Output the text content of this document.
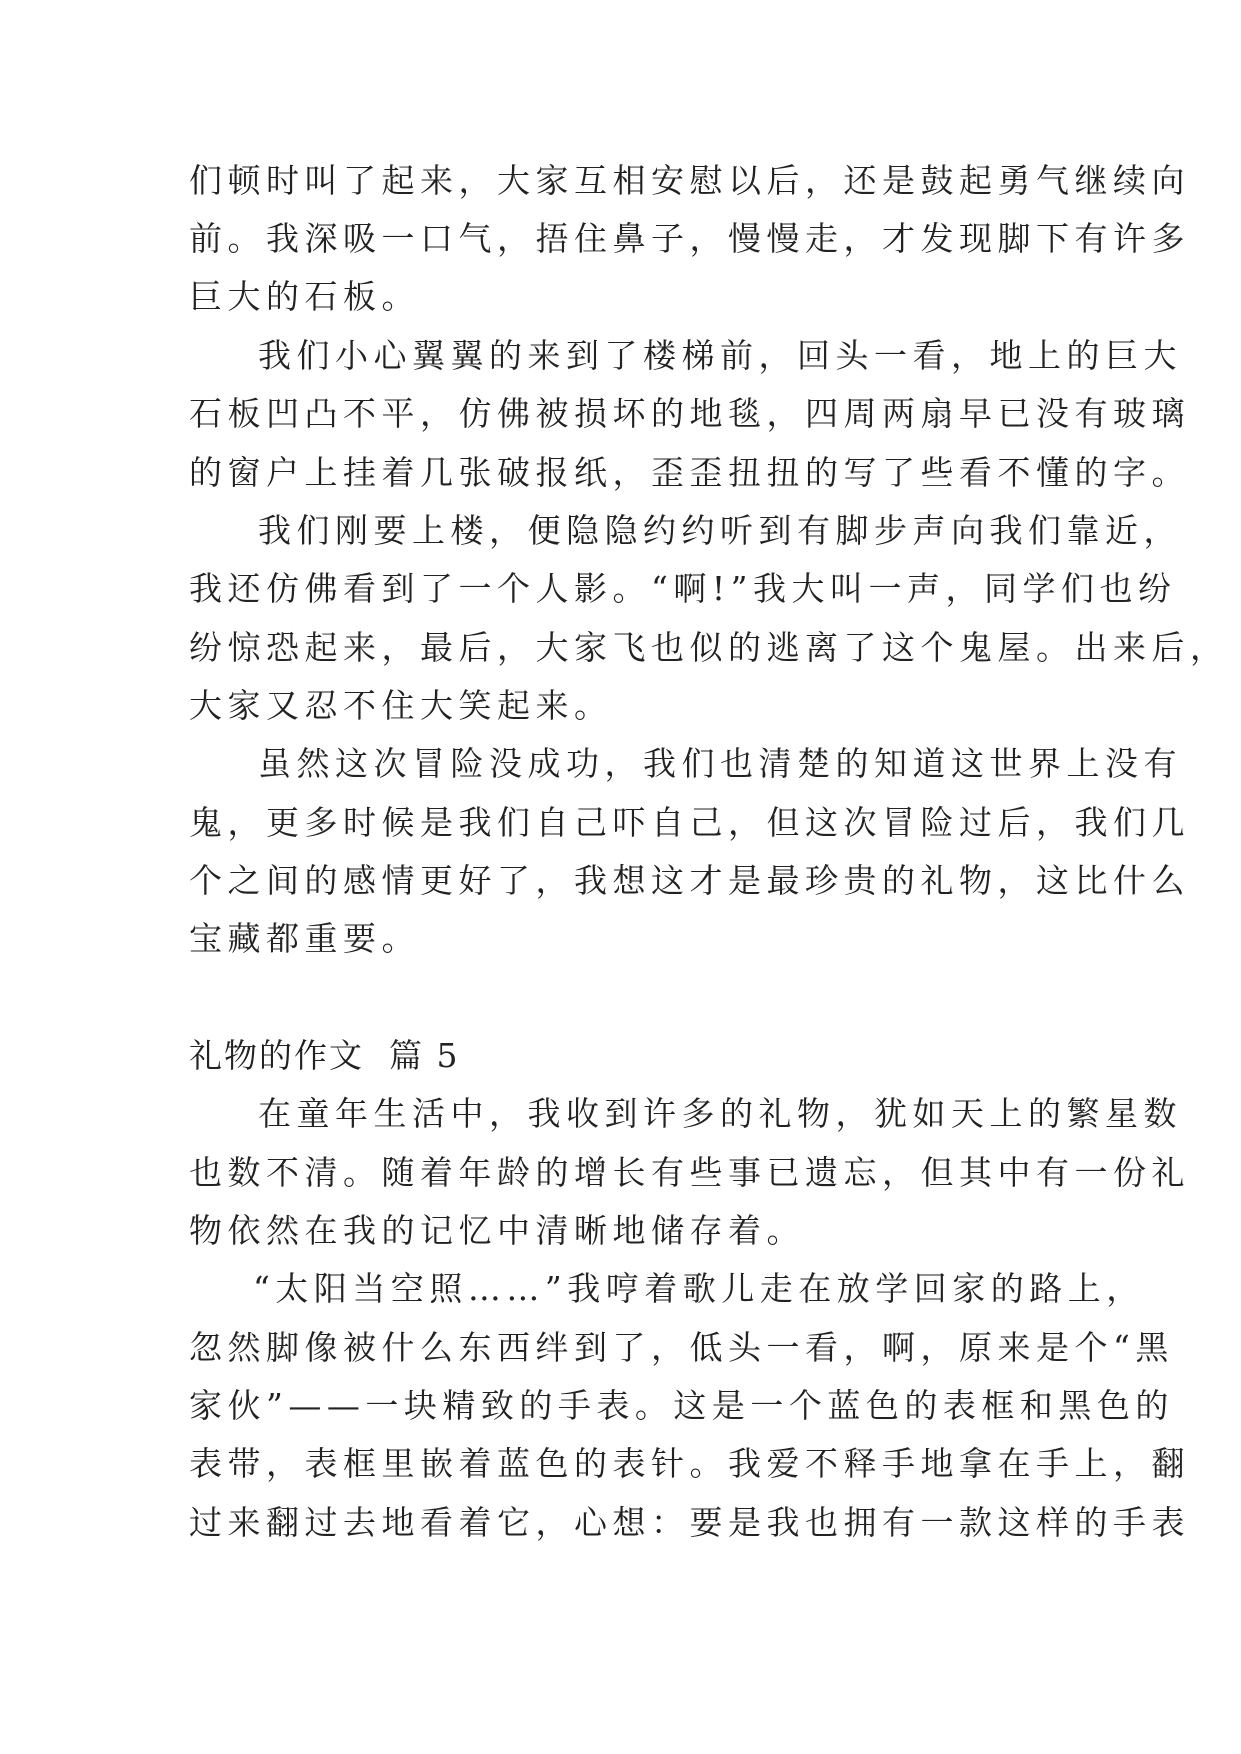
们顿时叫了起来，大家互相安慰以后，还是鼓起勇气继续向
前。我深吸一口气，捂住鼻子，慢慢走，才发现脚下有许多
巨大的石板。
我们小心翼翼的来到了楼梯前，回头一看，地上的巨大
石板凹凸不平，仿佛被损坏的地毯，四周两扇早已没有玻璃
的窗户上挂着几张破报纸，歪歪扭扭的写了些看不懂的字。
我们刚要上楼，便隐隐约约听到有脚步声向我们靠近，
我还仿佛看到了一个人影。“啊!”我大叫一声，同学们也纷
纷惊恐起来，最后，大家飞也似的逃离了这个鬼屋。出来后，
大家又忍不住大笑起来。
虽然这次冒险没成功，我们也清楚的知道这世界上没有
鬼，更多时候是我们自己吓自己，但这次冒险过后，我们几
个之间的感情更好了，我想这才是最珍贵的礼物，这比什么
宝藏都重要。
礼物的作文  篇 5
在童年生活中，我收到许多的礼物，犹如天上的繁星数
也数不清。随着年龄的增长有些事已遗忘，但其中有一份礼
物依然在我的记忆中清晰地储存着。
“太阳当空照……”我哼着歌儿走在放学回家的路上，
忽然脚像被什么东西绊到了，低头一看，啊，原来是个“黑
家伙”——一块精致的手表。这是一个蓝色的表框和黑色的
表带，表框里嵌着蓝色的表针。我爱不释手地拿在手上，翻
过来翻过去地看着它，心想：要是我也拥有一款这样的手表
